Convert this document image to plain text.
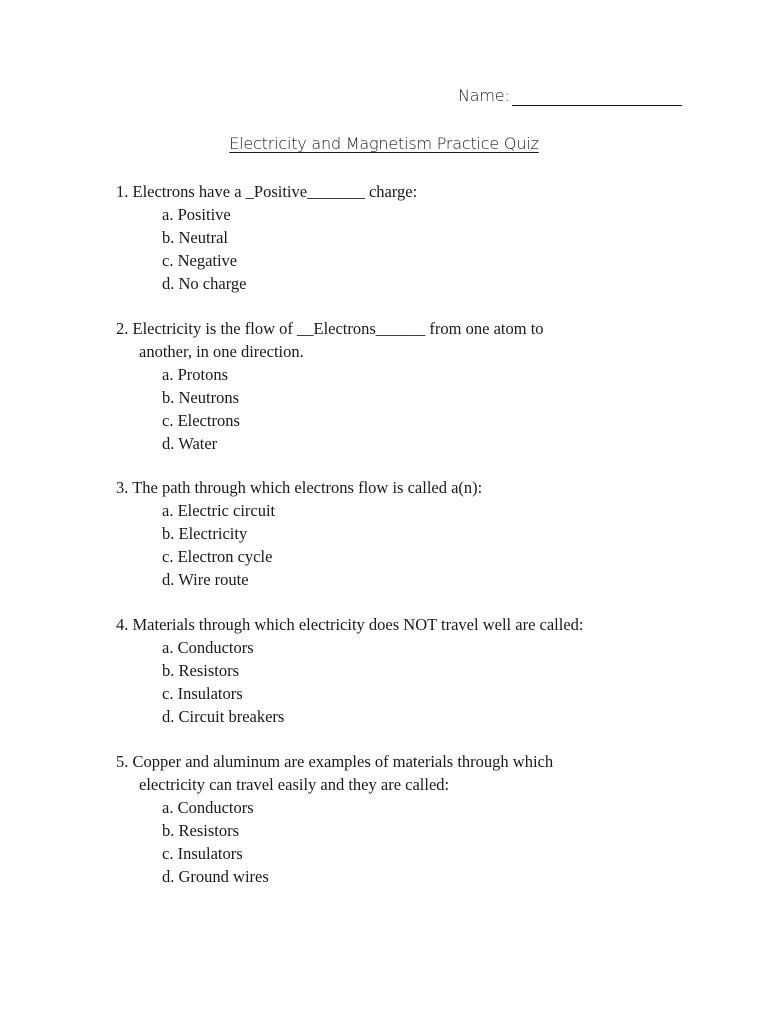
Name:
Electricity and Magnetism Practice Quiz
1. Electrons have a _Positive_______ charge:
a. Positive
b. Neutral
c. Negative
d. No charge
2. Electricity is the flow of __Electrons______ from one atom to
another, in one direction.
a. Protons
b. Neutrons
c. Electrons
d. Water
3. The path through which electrons flow is called a(n):
a. Electric circuit
b. Electricity
c. Electron cycle
d. Wire route
4. Materials through which electricity does NOT travel well are called:
a. Conductors
b. Resistors
c. Insulators
d. Circuit breakers
5. Copper and aluminum are examples of materials through which
electricity can travel easily and they are called:
a. Conductors
b. Resistors
c. Insulators
d. Ground wires
